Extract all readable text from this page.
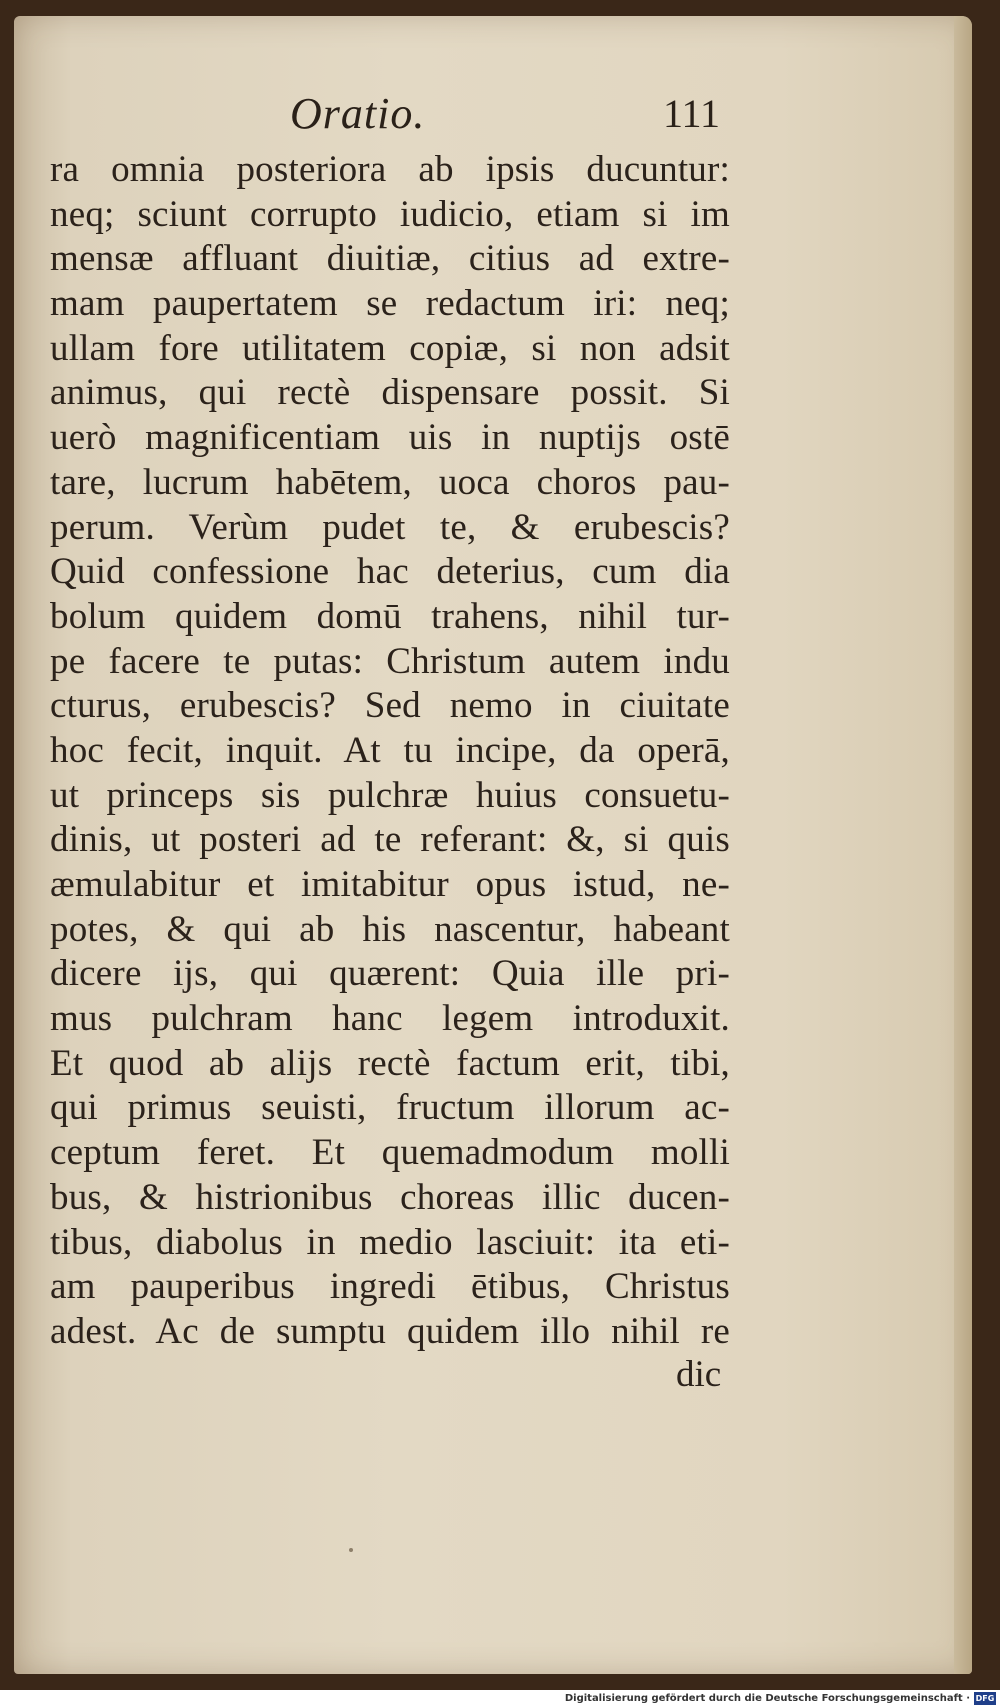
Oratio.	111
ra omnia posteriora ab ipsis ducuntur:
neq; sciunt corrupto iudicio, etiam si im
mensæ affluant diuitiæ, citius ad extre-
mam paupertatem se redactum iri: neq;
ullam fore utilitatem copiæ, si non adsit
animus, qui rectè dispensare possit. Si
uerò magnificentiam uis in nuptijs ostē
tare, lucrum habētem, uoca choros pau-
perum. Verùm pudet te, & erubescis?
Quid confessione hac deterius, cum dia
bolum quidem domū trahens, nihil tur-
pe facere te putas: Christum autem indu
cturus, erubescis? Sed nemo in ciuitate
hoc fecit, inquit. At tu incipe, da operā,
ut princeps sis pulchræ huius consuetu-
dinis, ut posteri ad te referant: &, si quis
æmulabitur et imitabitur opus istud, ne-
potes, & qui ab his nascentur, habeant
dicere ijs, qui quærent: Quia ille pri-
mus pulchram hanc legem introduxit.
Et quod ab alijs rectè factum erit, tibi,
qui primus seuisti, fructum illorum ac-
ceptum feret. Et quemadmodum molli
bus, & histrionibus choreas illic ducen-
tibus, diabolus in medio lasciuit: ita eti-
am pauperibus ingredi ētibus, Christus
adest. Ac de sumptu quidem illo nihil re
dic
Digitalisierung gefördert durch die Deutsche Forschungsgemeinschaft · DFG
